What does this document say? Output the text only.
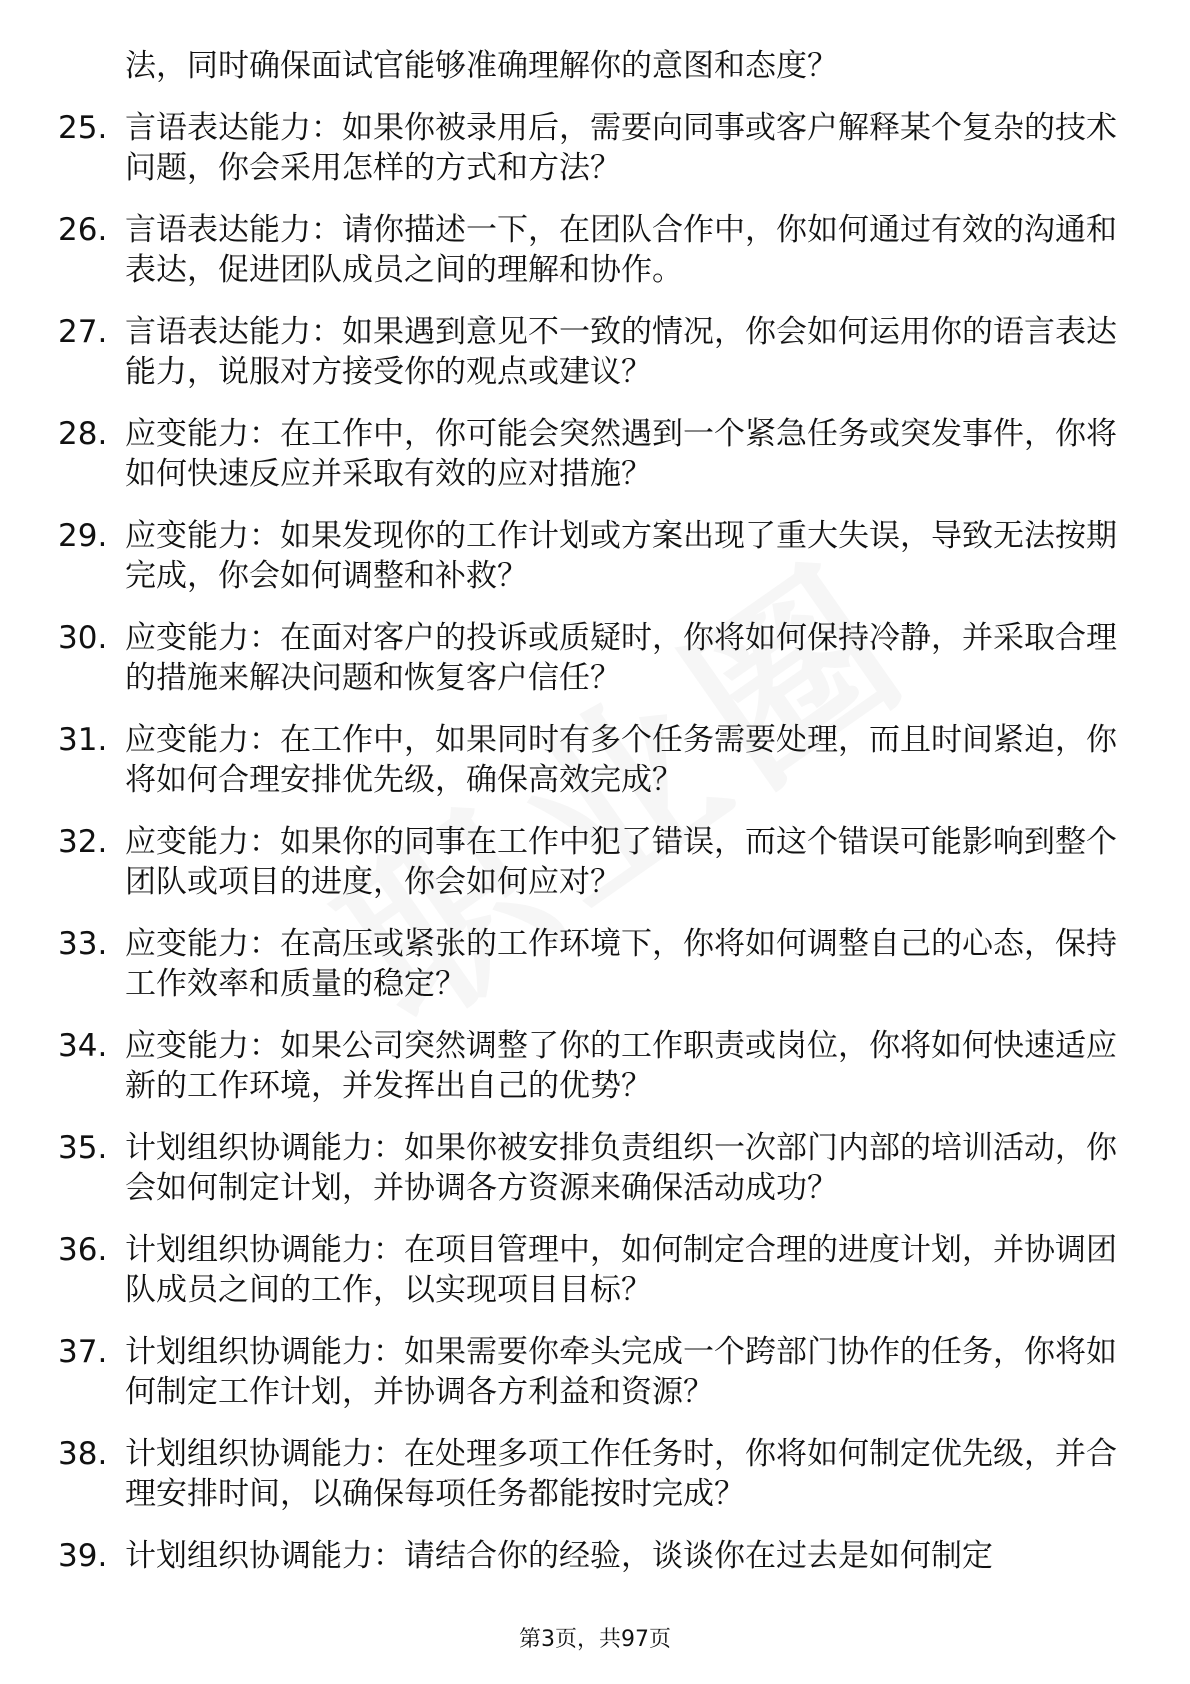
法，同时确保面试官能够准确理解你的意图和态度？
25. 言语表达能力：如果你被录用后，需要向同事或客户解释某个复杂的技术问题，你会采用怎样的方式和方法？
26. 言语表达能力：请你描述一下，在团队合作中，你如何通过有效的沟通和表达，促进团队成员之间的理解和协作。
27. 言语表达能力：如果遇到意见不一致的情况，你会如何运用你的语言表达能力，说服对方接受你的观点或建议？
28. 应变能力：在工作中，你可能会突然遇到一个紧急任务或突发事件，你将如何快速反应并采取有效的应对措施？
29. 应变能力：如果发现你的工作计划或方案出现了重大失误，导致无法按期完成，你会如何调整和补救？
30. 应变能力：在面对客户的投诉或质疑时，你将如何保持冷静，并采取合理的措施来解决问题和恢复客户信任？
31. 应变能力：在工作中，如果同时有多个任务需要处理，而且时间紧迫，你将如何合理安排优先级，确保高效完成？
32. 应变能力：如果你的同事在工作中犯了错误，而这个错误可能影响到整个团队或项目的进度，你会如何应对？
33. 应变能力：在高压或紧张的工作环境下，你将如何调整自己的心态，保持工作效率和质量的稳定？
34. 应变能力：如果公司突然调整了你的工作职责或岗位，你将如何快速适应新的工作环境，并发挥出自己的优势？
35. 计划组织协调能力：如果你被安排负责组织一次部门内部的培训活动，你会如何制定计划，并协调各方资源来确保活动成功？
36. 计划组织协调能力：在项目管理中，如何制定合理的进度计划，并协调团队成员之间的工作，以实现项目目标？
37. 计划组织协调能力：如果需要你牵头完成一个跨部门协作的任务，你将如何制定工作计划，并协调各方利益和资源？
38. 计划组织协调能力：在处理多项工作任务时，你将如何制定优先级，并合理安排时间，以确保每项任务都能按时完成？
39. 计划组织协调能力：请结合你的经验，谈谈你在过去是如何制定
第3页，共97页
